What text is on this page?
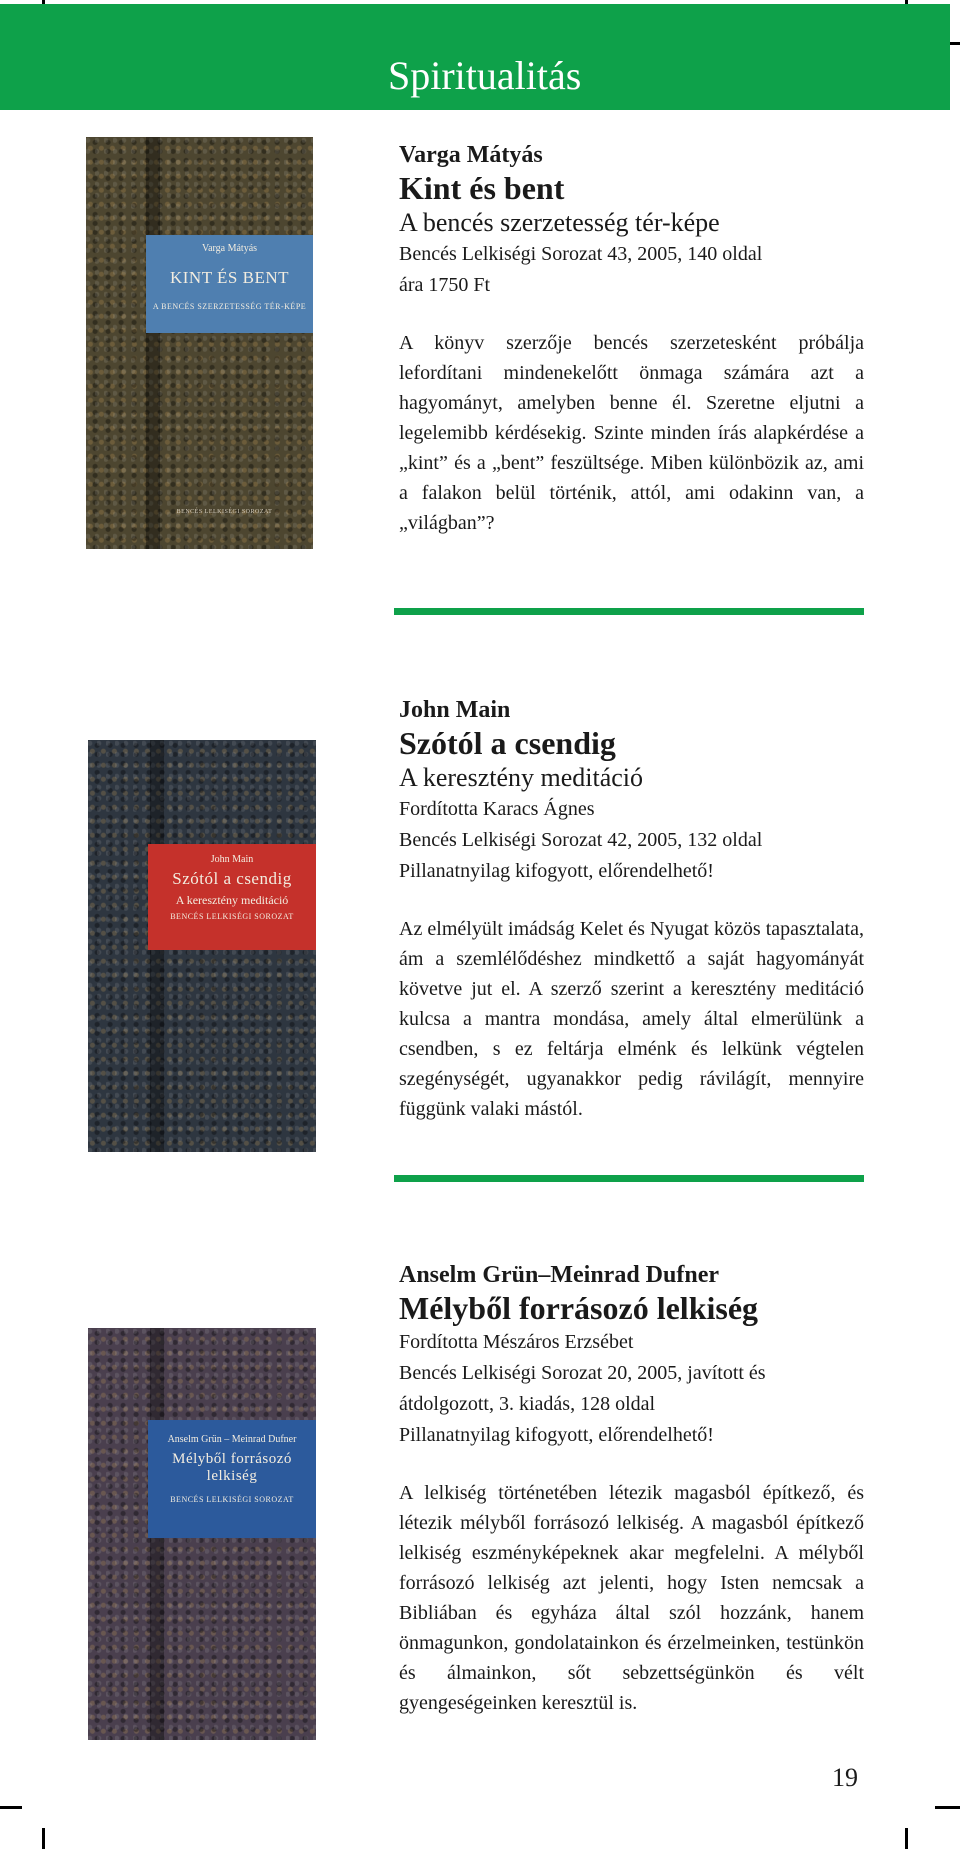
Spiritualitás
Varga Mátyás
KINT ÉS BENT
A BENCÉS SZERZETESSÉG TÉR-KÉPE
BENCÉS LELKISÉGI SOROZAT

Varga Mátyás

Kint és bent

A bencés szerzetesség tér-képe

Bencés Lelkiségi Sorozat 43, 2005, 140 oldal

ára 1750 Ft

A könyv szerzője bencés szerzetesként próbálja lefordítani mindenekelőtt önmaga számára azt a hagyományt, amelyben benne él. Szeretne eljutni a legelemibb kérdésekig. Szinte minden írás alapkérdése a „kint” és a „bent” feszültsége. Miben különbözik az, ami a falakon belül történik, attól, ami odakinn van, a „világban”?

John Main
Szótól a csendig
A keresztény meditáció
BENCÉS LELKISÉGI SOROZAT

John Main

Szótól a csendig

A keresztény meditáció

Fordította Karacs Ágnes

Bencés Lelkiségi Sorozat 42, 2005, 132 oldal

Pillanatnyilag kifogyott, előrendelhető!

Az elmélyült imádság Kelet és Nyugat közös tapasztalata, ám a szemlélődéshez mindkettő a saját hagyományát követve jut el. A szerző szerint a keresztény meditáció kulcsa a mantra mondása, amely által elmerülünk a csendben, s ez feltárja elménk és lelkünk végtelen szegénységét, ugyanakkor pedig rávilágít, mennyire függünk valaki mástól.

Anselm Grün – Meinrad Dufner
Mélyből forrásozó lelkiség
BENCÉS LELKISÉGI SOROZAT

Anselm Grün–Meinrad Dufner

Mélyből forrásozó lelkiség

Fordította Mészáros Erzsébet

Bencés Lelkiségi Sorozat 20, 2005, javított és átdolgozott, 3. kiadás, 128 oldal

Pillanatnyilag kifogyott, előrendelhető!

A lelkiség történetében létezik magasból építkező, és létezik mélyből forrásozó lelkiség. A magasból építkező lelkiség eszményképeknek akar megfelelni. A mélyből forrásozó lelkiség azt jelenti, hogy Isten nemcsak a Bibliában és egyháza által szól hozzánk, hanem önmagunkon, gondolatainkon és érzelmeinken, testünkön és álmainkon, sőt sebzettségünkön és vélt gyengeségeinken keresztül is.

19
